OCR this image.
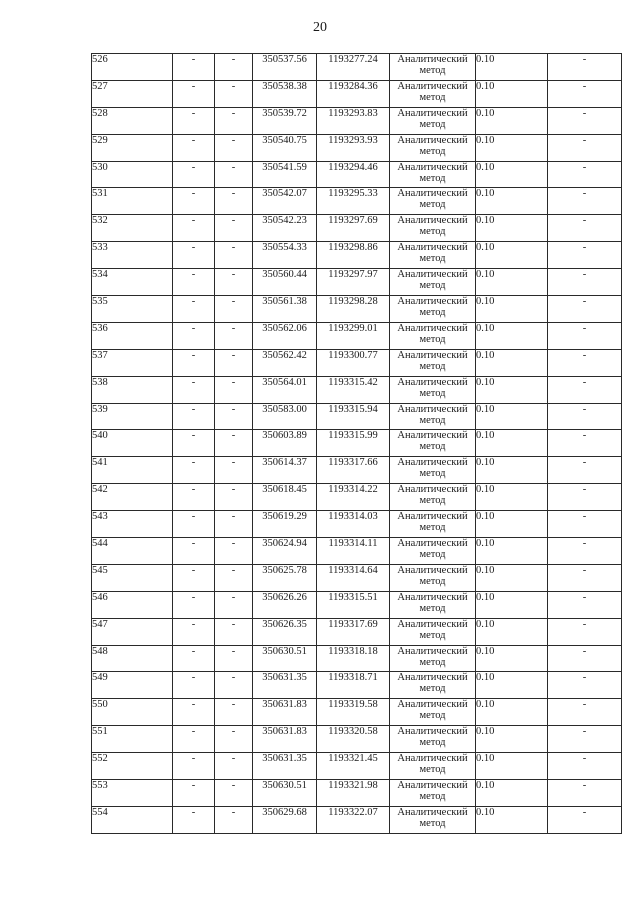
20
526	-	-	350537.56	1193277.24	Аналитический
метод	0.10	-
527	-	-	350538.38	1193284.36	Аналитический
метод	0.10	-
528	-	-	350539.72	1193293.83	Аналитический
метод	0.10	-
529	-	-	350540.75	1193293.93	Аналитический
метод	0.10	-
530	-	-	350541.59	1193294.46	Аналитический
метод	0.10	-
531	-	-	350542.07	1193295.33	Аналитический
метод	0.10	-
532	-	-	350542.23	1193297.69	Аналитический
метод	0.10	-
533	-	-	350554.33	1193298.86	Аналитический
метод	0.10	-
534	-	-	350560.44	1193297.97	Аналитический
метод	0.10	-
535	-	-	350561.38	1193298.28	Аналитический
метод	0.10	-
536	-	-	350562.06	1193299.01	Аналитический
метод	0.10	-
537	-	-	350562.42	1193300.77	Аналитический
метод	0.10	-
538	-	-	350564.01	1193315.42	Аналитический
метод	0.10	-
539	-	-	350583.00	1193315.94	Аналитический
метод	0.10	-
540	-	-	350603.89	1193315.99	Аналитический
метод	0.10	-
541	-	-	350614.37	1193317.66	Аналитический
метод	0.10	-
542	-	-	350618.45	1193314.22	Аналитический
метод	0.10	-
543	-	-	350619.29	1193314.03	Аналитический
метод	0.10	-
544	-	-	350624.94	1193314.11	Аналитический
метод	0.10	-
545	-	-	350625.78	1193314.64	Аналитический
метод	0.10	-
546	-	-	350626.26	1193315.51	Аналитический
метод	0.10	-
547	-	-	350626.35	1193317.69	Аналитический
метод	0.10	-
548	-	-	350630.51	1193318.18	Аналитический
метод	0.10	-
549	-	-	350631.35	1193318.71	Аналитический
метод	0.10	-
550	-	-	350631.83	1193319.58	Аналитический
метод	0.10	-
551	-	-	350631.83	1193320.58	Аналитический
метод	0.10	-
552	-	-	350631.35	1193321.45	Аналитический
метод	0.10	-
553	-	-	350630.51	1193321.98	Аналитический
метод	0.10	-
554	-	-	350629.68	1193322.07	Аналитический
метод	0.10	-
